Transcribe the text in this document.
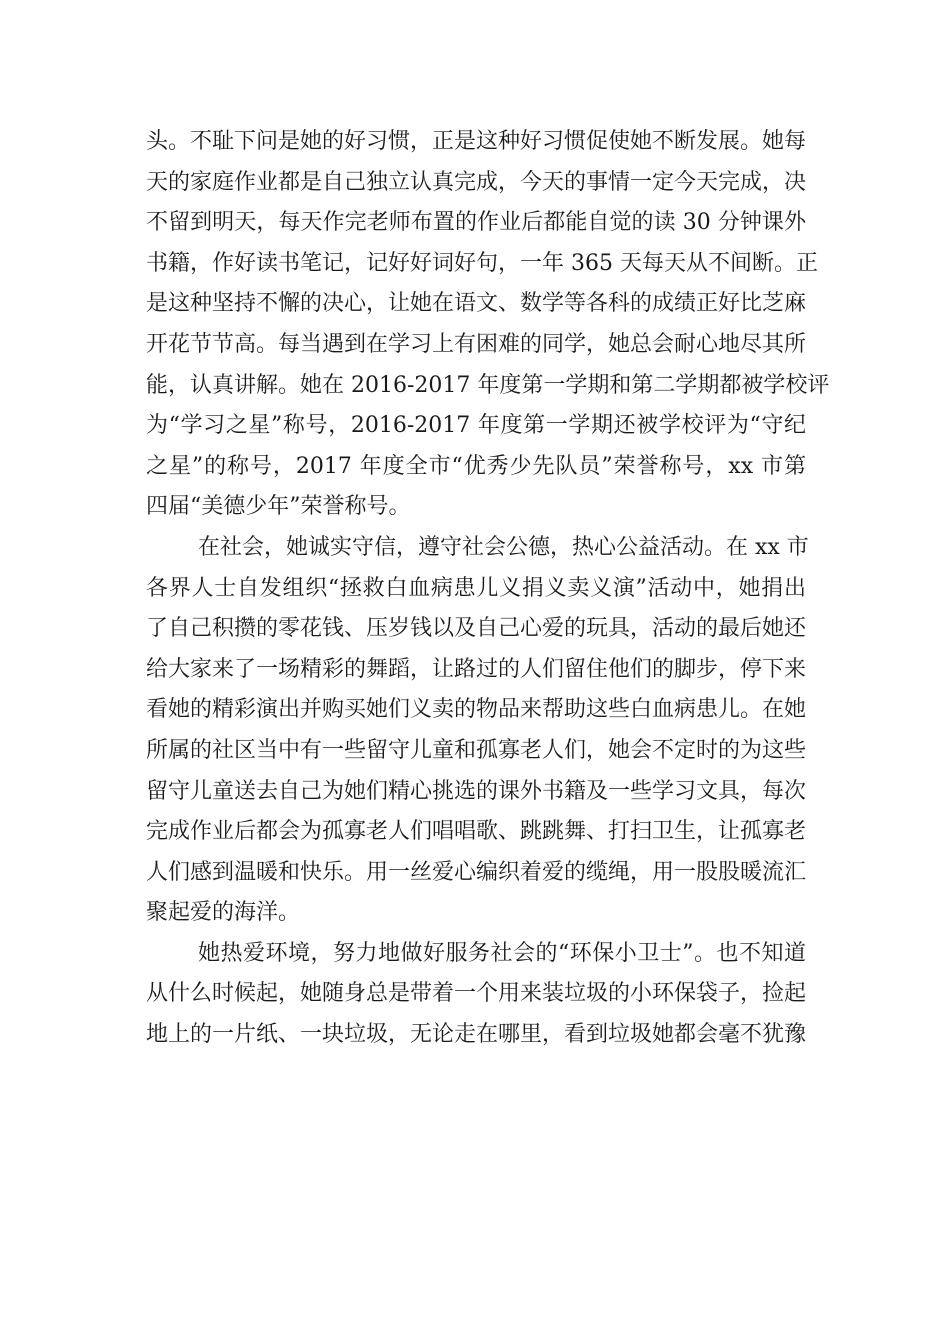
头。不耻下问是她的好习惯，正是这种好习惯促使她不断发展。她每
天的家庭作业都是自己独立认真完成，今天的事情一定今天完成，决
不留到明天，每天作完老师布置的作业后都能自觉的读 30 分钟课外
书籍，作好读书笔记，记好好词好句，一年 365 天每天从不间断。正
是这种坚持不懈的决心，让她在语文、数学等各科的成绩正好比芝麻
开花节节高。每当遇到在学习上有困难的同学，她总会耐心地尽其所
能，认真讲解。她在 2016-2017 年度第一学期和第二学期都被学校评
为“学习之星”称号，2016-2017 年度第一学期还被学校评为“守纪
之星”的称号，2017 年度全市“优秀少先队员”荣誉称号，xx 市第
四届“美德少年”荣誉称号。
在社会，她诚实守信，遵守社会公德，热心公益活动。在 xx 市
各界人士自发组织“拯救白血病患儿义捐义卖义演”活动中，她捐出
了自己积攒的零花钱、压岁钱以及自己心爱的玩具，活动的最后她还
给大家来了一场精彩的舞蹈，让路过的人们留住他们的脚步，停下来
看她的精彩演出并购买她们义卖的物品来帮助这些白血病患儿。在她
所属的社区当中有一些留守儿童和孤寡老人们，她会不定时的为这些
留守儿童送去自己为她们精心挑选的课外书籍及一些学习文具，每次
完成作业后都会为孤寡老人们唱唱歌、跳跳舞、打扫卫生，让孤寡老
人们感到温暖和快乐。用一丝爱心编织着爱的缆绳，用一股股暖流汇
聚起爱的海洋。
她热爱环境，努力地做好服务社会的“环保小卫士”。也不知道
从什么时候起，她随身总是带着一个用来装垃圾的小环保袋子，捡起
地上的一片纸、一块垃圾，无论走在哪里，看到垃圾她都会毫不犹豫
